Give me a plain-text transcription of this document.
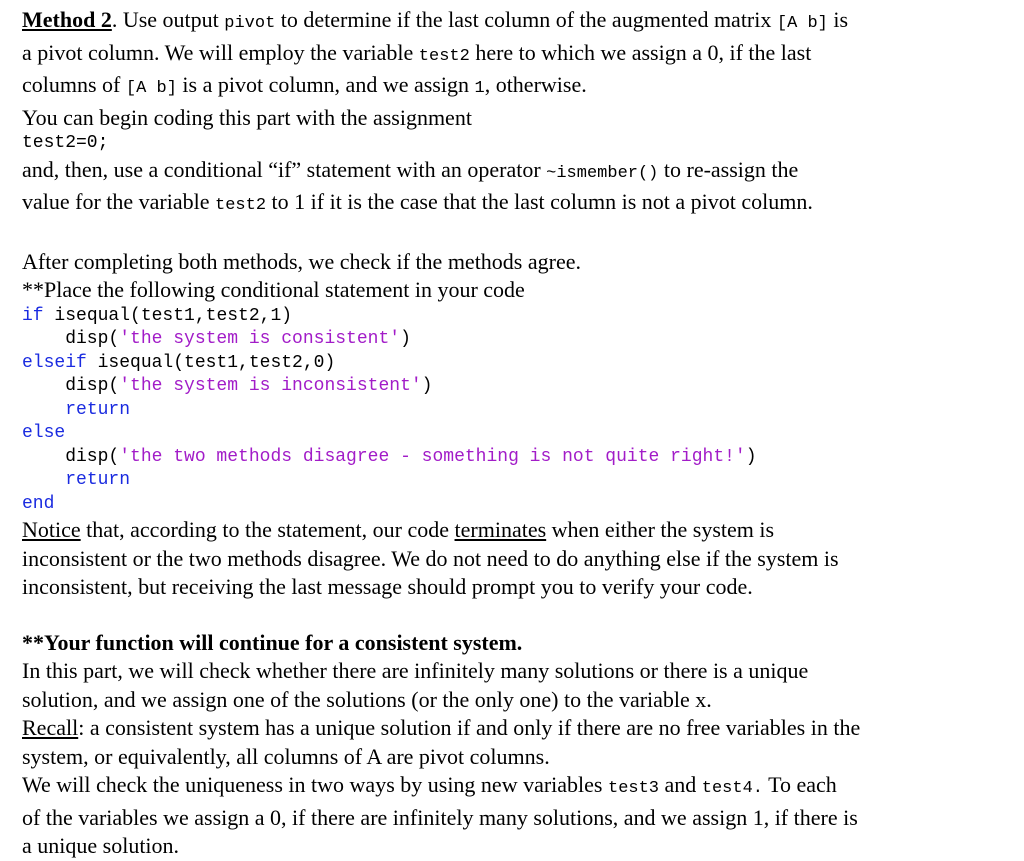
Method 2. Use output pivot to determine if the last column of the augmented matrix [A b] is

a pivot column. We will employ the variable test2 here to which we assign a 0, if the last

columns of [A b] is a pivot column, and we assign 1, otherwise.

You can begin coding this part with the assignment

test2=0;

and, then, use a conditional “if” statement with an operator ~ismember() to re-assign the

value for the variable test2 to 1 if it is the case that the last column is not a pivot column.

After completing both methods, we check if the methods agree.

**Place the following conditional statement in your code

if isequal(test1,test2,1)

disp('the system is consistent')

elseif isequal(test1,test2,0)

disp('the system is inconsistent')

return

else

disp('the two methods disagree - something is not quite right!')

return

end

Notice that, according to the statement, our code terminates when either the system is

inconsistent or the two methods disagree. We do not need to do anything else if the system is

inconsistent, but receiving the last message should prompt you to verify your code.

**Your function will continue for a consistent system.

In this part, we will check whether there are infinitely many solutions or there is a unique

solution, and we assign one of the solutions (or the only one) to the variable x.

Recall: a consistent system has a unique solution if and only if there are no free variables in the

system, or equivalently, all columns of A are pivot columns.

We will check the uniqueness in two ways by using new variables test3 and test4. To each

of the variables we assign a 0, if there are infinitely many solutions, and we assign 1, if there is

a unique solution.
